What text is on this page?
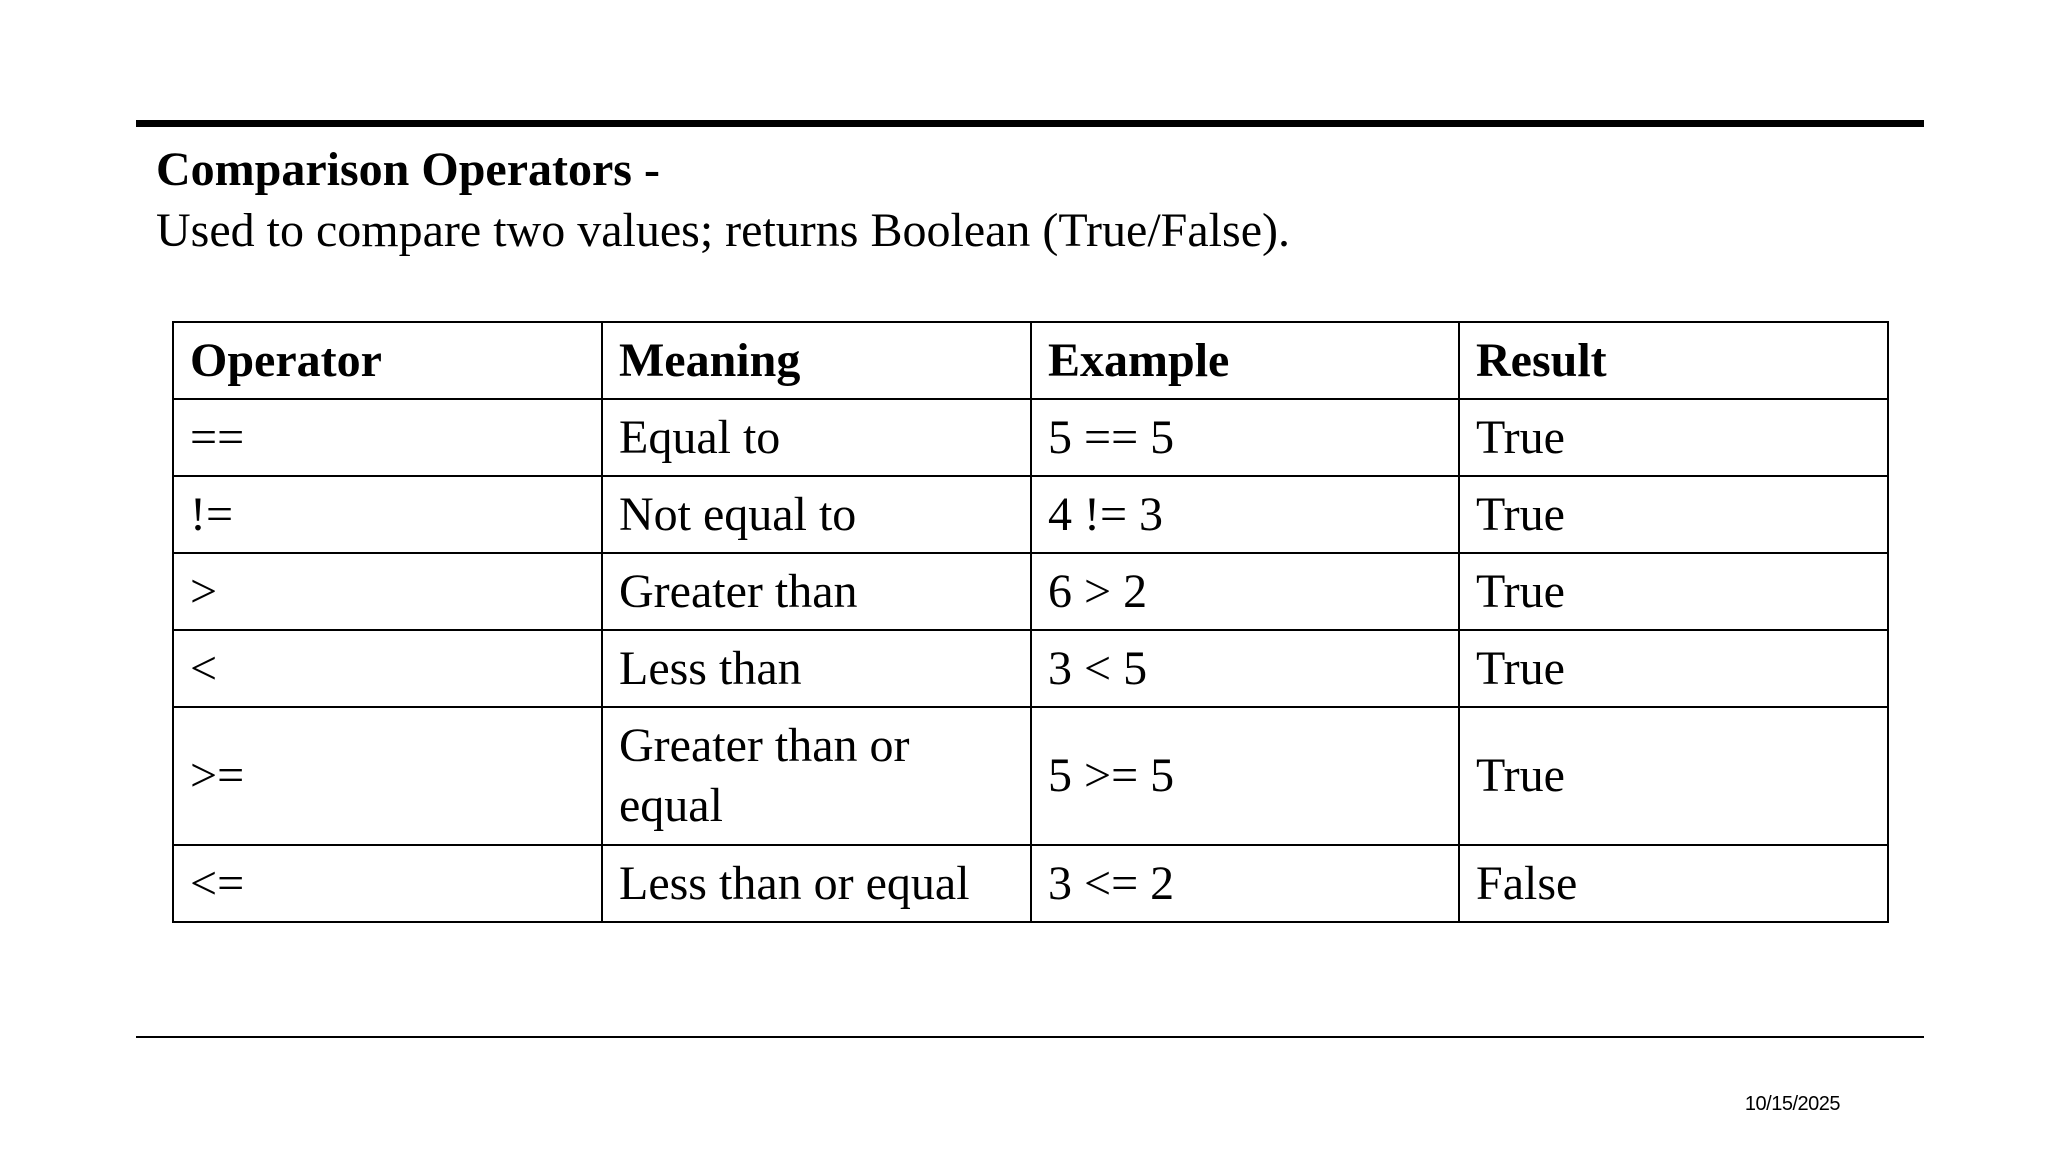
Comparison Operators -
Used to compare two values; returns Boolean (True/False).
Operator	Meaning	Example	Result
==	Equal to	5 == 5	True
!=	Not equal to	4 != 3	True
>	Greater than	6 > 2	True
<	Less than	3 < 5	True
>=	Greater than or equal	5 >= 5	True
<=	Less than or equal	3 <= 2	False
10/15/2025
